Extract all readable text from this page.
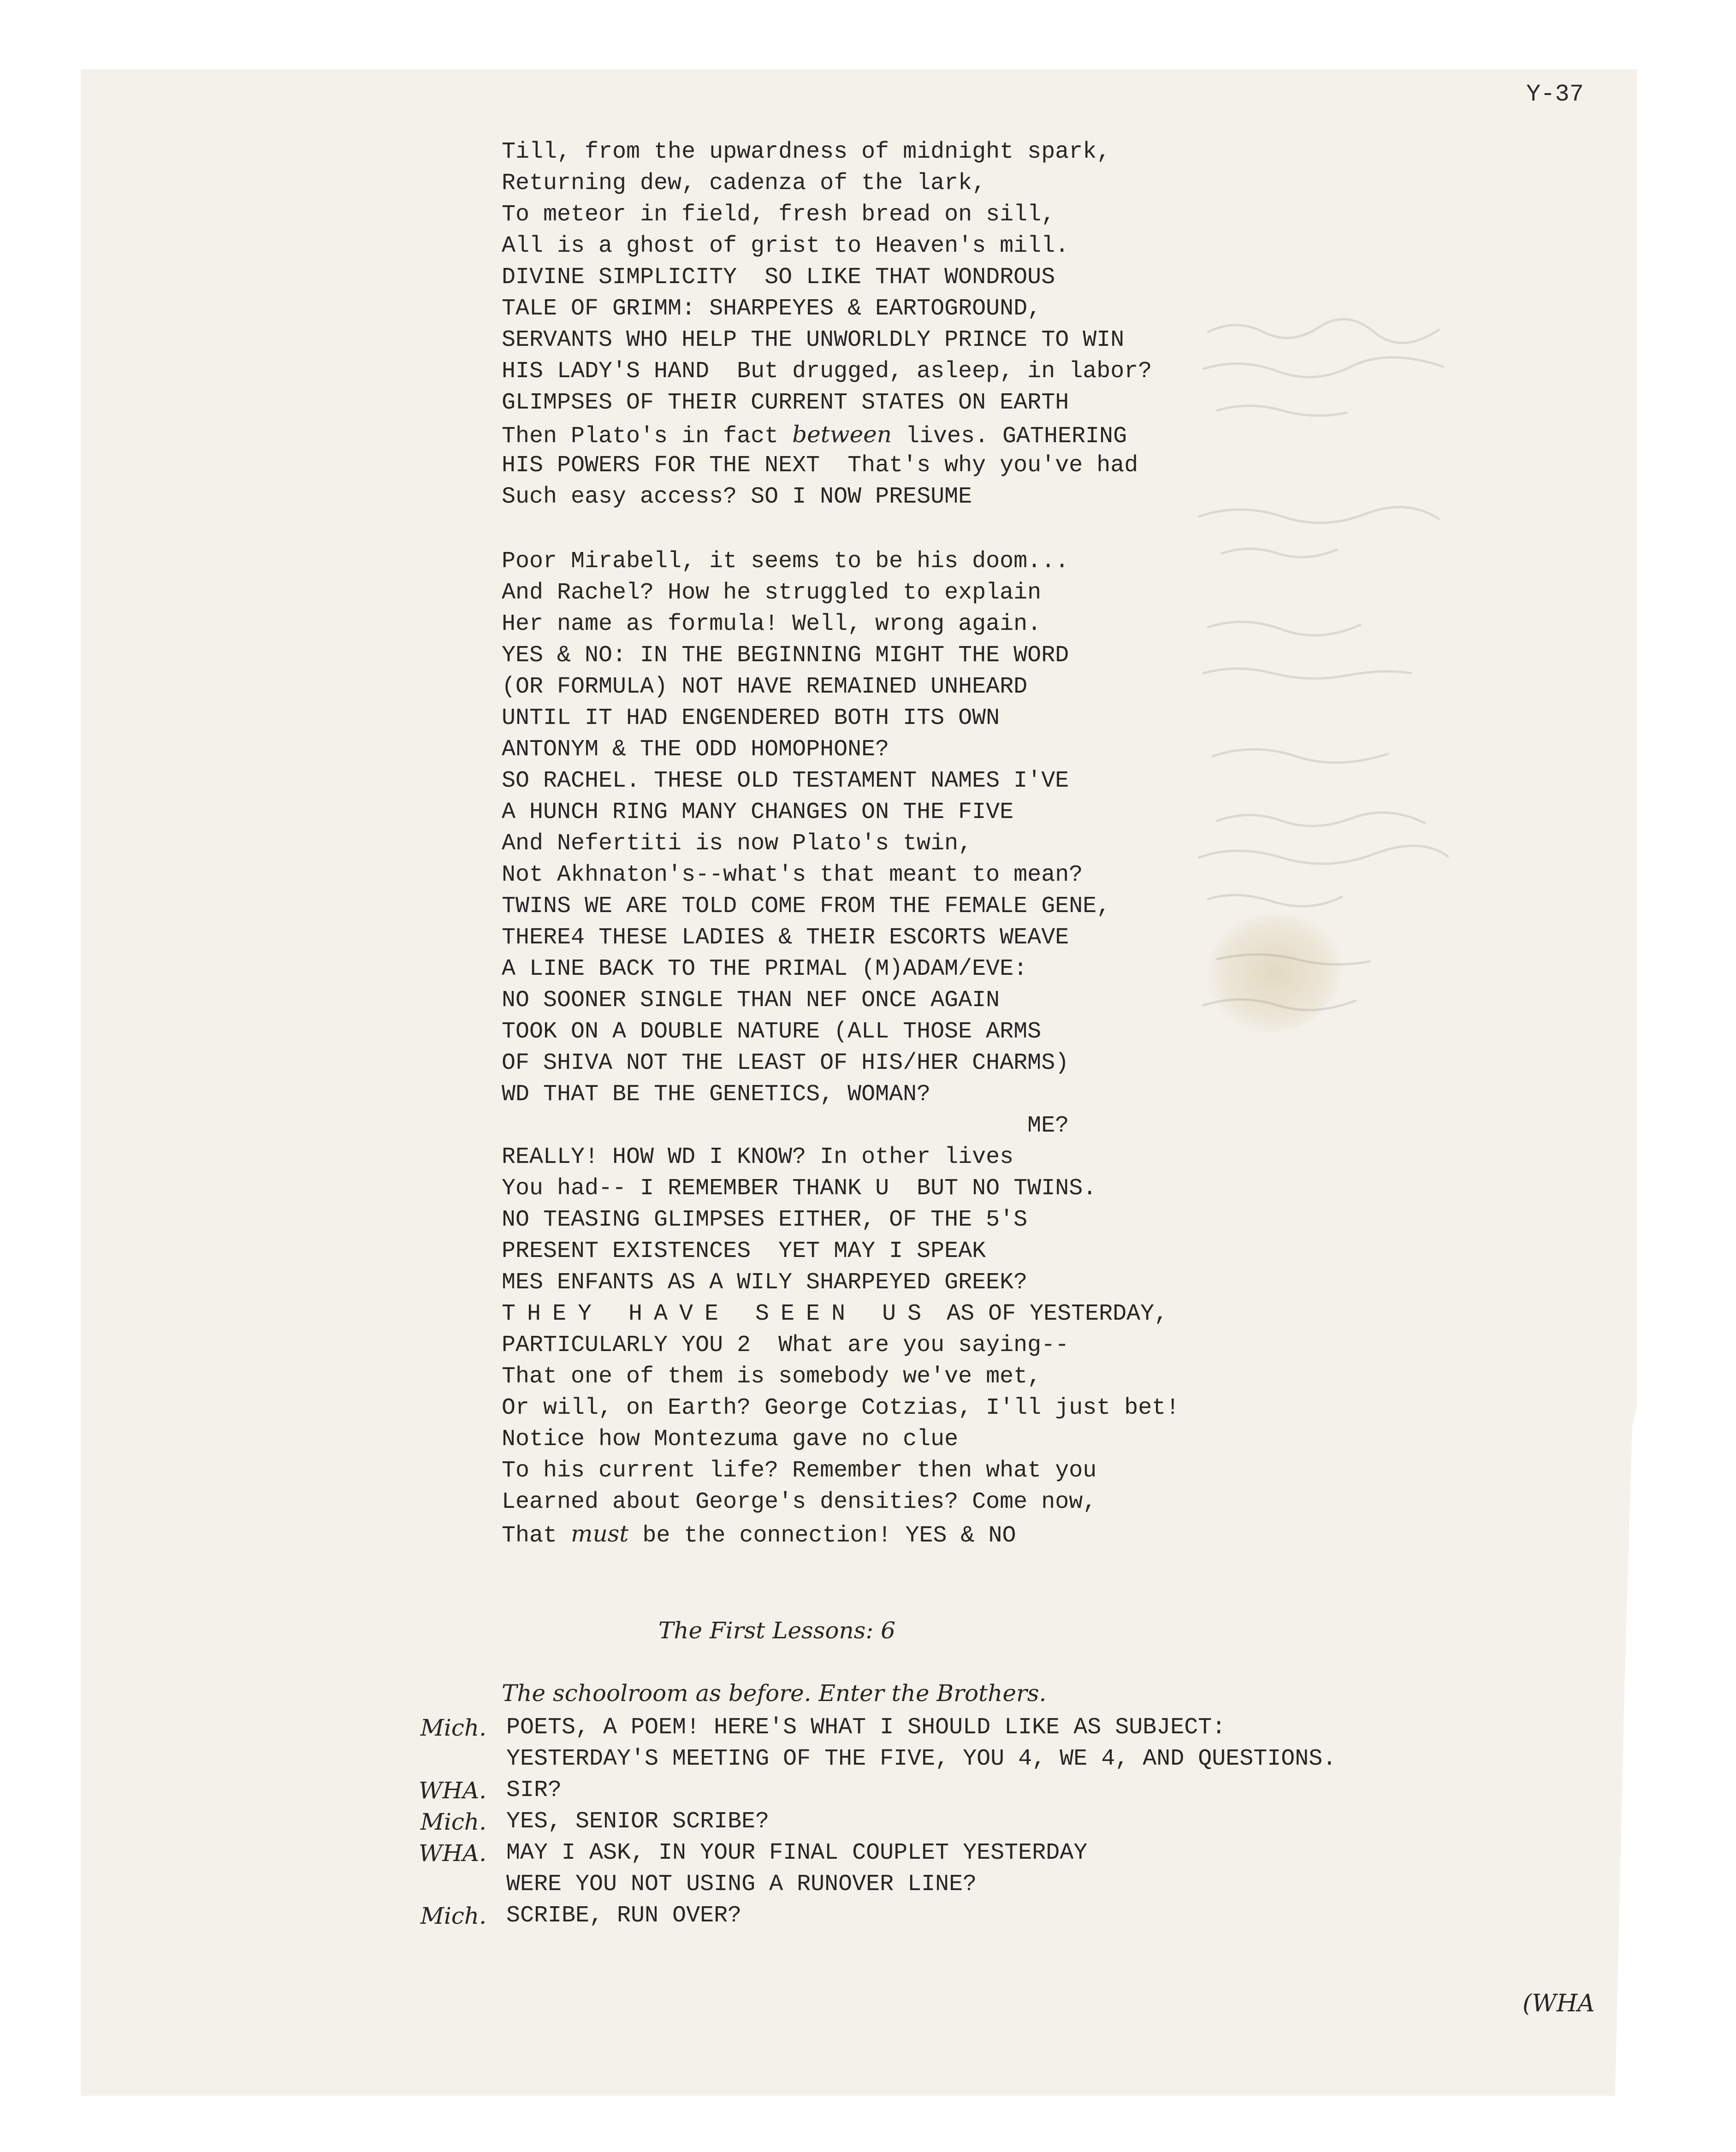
Y-37
Till, from the upwardness of midnight spark,
Returning dew, cadenza of the lark,
To meteor in field, fresh bread on sill,
All is a ghost of grist to Heaven's mill.
DIVINE SIMPLICITY  SO LIKE THAT WONDROUS
TALE OF GRIMM: SHARPEYES & EARTOGROUND,
SERVANTS WHO HELP THE UNWORLDLY PRINCE TO WIN
HIS LADY'S HAND  But drugged, asleep, in labor?
GLIMPSES OF THEIR CURRENT STATES ON EARTH
Then Plato's in fact between lives. GATHERING
HIS POWERS FOR THE NEXT  That's why you've had
Such easy access? SO I NOW PRESUME
Poor Mirabell, it seems to be his doom...
And Rachel? How he struggled to explain
Her name as formula! Well, wrong again.
YES & NO: IN THE BEGINNING MIGHT THE WORD
(OR FORMULA) NOT HAVE REMAINED UNHEARD
UNTIL IT HAD ENGENDERED BOTH ITS OWN
ANTONYM & THE ODD HOMOPHONE?
SO RACHEL. THESE OLD TESTAMENT NAMES I'VE
A HUNCH RING MANY CHANGES ON THE FIVE
And Nefertiti is now Plato's twin,
Not Akhnaton's--what's that meant to mean?
TWINS WE ARE TOLD COME FROM THE FEMALE GENE,
THERE4 THESE LADIES & THEIR ESCORTS WEAVE
A LINE BACK TO THE PRIMAL (M)ADAM/EVE:
NO SOONER SINGLE THAN NEF ONCE AGAIN
TOOK ON A DOUBLE NATURE (ALL THOSE ARMS
OF SHIVA NOT THE LEAST OF HIS/HER CHARMS)
WD THAT BE THE GENETICS, WOMAN?
ME?
REALLY! HOW WD I KNOW? In other lives
You had-- I REMEMBER THANK U  BUT NO TWINS.
NO TEASING GLIMPSES EITHER, OF THE 5'S
PRESENT EXISTENCES  YET MAY I SPEAK
MES ENFANTS AS A WILY SHARPEYED GREEK?
THEY HAVE SEEN US AS OF YESTERDAY,
PARTICULARLY YOU 2  What are you saying--
That one of them is somebody we've met,
Or will, on Earth? George Cotzias, I'll just bet!
Notice how Montezuma gave no clue
To his current life? Remember then what you
Learned about George's densities? Come now,
That must be the connection! YES & NO
The First Lessons: 6
The schoolroom as before. Enter the Brothers.
Mich. POETS, A POEM! HERE'S WHAT I SHOULD LIKE AS SUBJECT:
YESTERDAY'S MEETING OF THE FIVE, YOU 4, WE 4, AND QUESTIONS.
WHA. SIR?
Mich. YES, SENIOR SCRIBE?
WHA. MAY I ASK, IN YOUR FINAL COUPLET YESTERDAY
WERE YOU NOT USING A RUNOVER LINE?
Mich. SCRIBE, RUN OVER?
(WHA
